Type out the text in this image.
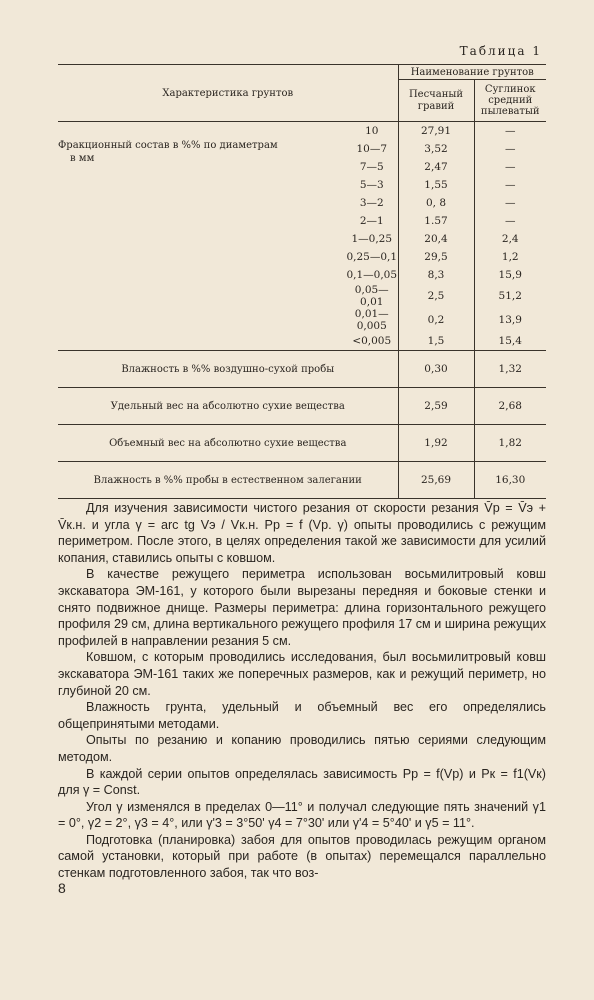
Таблица 1
Характеристика грунтов		Наименование грунтов	
		Песчаный гравий	Суглинок средний пылеватый

Фракционный состав в %% по диаметрам
в мм	10	27,91	—
	10—7	3,52	—
	7—5	2,47	—
	5—3	1,55	—
	3—2	0, 8	—
	2—1	1.57	—
	1—0,25	20,4	2,4
	0,25—0,1	29,5	1,2
	0,1—0,05	8,3	15,9
	0,05—0,01	2,5	51,2
	0,01—0,005	0,2	13,9
	<0,005	1,5	15,4
Влажность в %% воздушно-сухой пробы		0,30	1,32
Удельный вес на абсолютно сухие вещества		2,59	2,68
Объемный вес на абсолютно сухие вещества		1,92	1,82
Влажность в %% пробы в естественном залегании		25,69	16,30

Для изучения зависимости чистого резания от скорости резания V̄р = V̄э + V̄к.н. и угла γ = arc tg Vэ / Vк.н. Pр = f (Vр. γ) опыты проводились с режущим периметром. После этого, в целях определения такой же зависимости для усилий копания, ставились опыты с ковшом.

В качестве режущего периметра использован восьмилитровый ковш экскаватора ЭМ-161, у которого были вырезаны передняя и боковые стенки и снято подвижное днище. Размеры периметра: длина горизонтального режущего профиля 29 см, длина вертикального режущего профиля 17 см и ширина режущих профилей в направлении резания 5 см.

Ковшом, с которым проводились исследования, был восьмилитровый ковш экскаватора ЭМ-161 таких же поперечных размеров, как и режущий периметр, но глубиной 20 см.

Влажность грунта, удельный и объемный вес его определялись общепринятыми методами.

Опыты по резанию и копанию проводились пятью сериями следующим методом.

В каждой серии опытов определялась зависимость Pр = f(Vр) и Pк = f1(Vк) для γ = Const.

Угол γ изменялся в пределах 0—11° и получал следующие пять значений γ1 = 0°, γ2 = 2°, γ3 = 4°, или γ'3 = 3°50' γ4 = 7°30' или γ'4 = 5°40' и γ5 = 11°.

Подготовка (планировка) забоя для опытов проводилась режущим органом самой установки, который при работе (в опытах) перемещался параллельно стенкам подготовленного забоя, так что воз-

8
